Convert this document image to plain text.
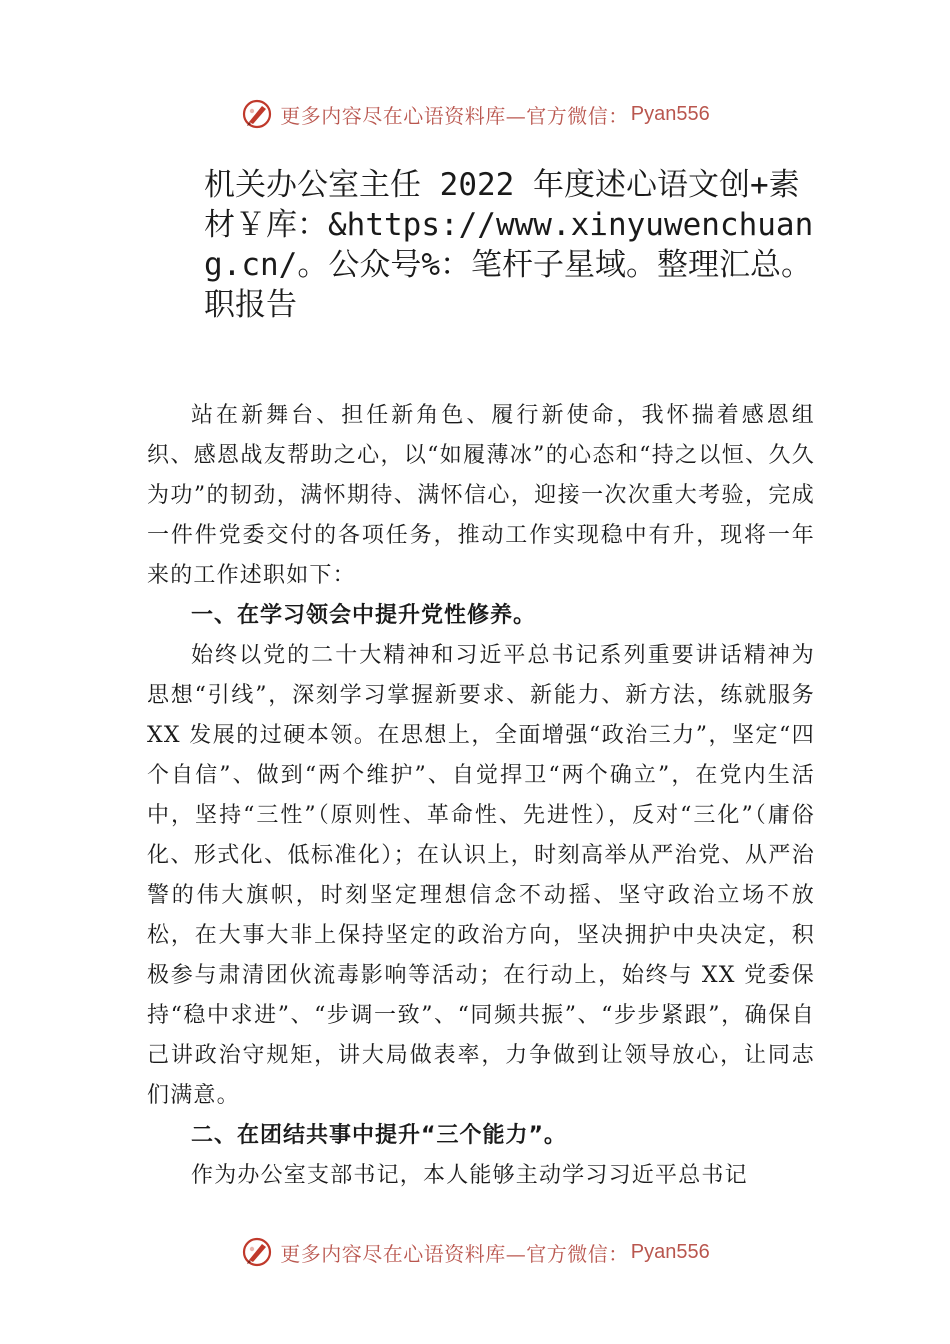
更多内容尽在心语资料库—官方微信： Pyan556
机关办公室主任 2022 年度述心语文创+素材￥库：&https://www.xinyuwenchuang.cn/。公众号%：笔杆子星域。整理汇总。职报告

站在新舞台、担任新角色、履行新使命，我怀揣着感恩组织、感恩战友帮助之心，以“如履薄冰”的心态和“持之以恒、久久为功”的韧劲，满怀期待、满怀信心，迎接一次次重大考验，完成一件件党委交付的各项任务，推动工作实现稳中有升，现将一年来的工作述职如下：

一、在学习领会中提升党性修养。

始终以党的二十大精神和习近平总书记系列重要讲话精神为思想“引线”，深刻学习掌握新要求、新能力、新方法，练就服务 XX 发展的过硬本领。在思想上，全面增强“政治三力”，坚定“四个自信”、做到“两个维护”、自觉捍卫“两个确立”，在党内生活中，坚持“三性”（原则性、革命性、先进性），反对“三化”（庸俗化、形式化、低标准化）；在认识上，时刻高举从严治党、从严治警的伟大旗帜，时刻坚定理想信念不动摇、坚守政治立场不放松，在大事大非上保持坚定的政治方向，坚决拥护中央决定，积极参与肃清团伙流毒影响等活动；在行动上，始终与 XX 党委保持“稳中求进”、“步调一致”、“同频共振”、“步步紧跟”，确保自己讲政治守规矩，讲大局做表率，力争做到让领导放心，让同志们满意。

二、在团结共事中提升“三个能力”。

作为办公室支部书记，本人能够主动学习习近平总书记

更多内容尽在心语资料库—官方微信： Pyan556
